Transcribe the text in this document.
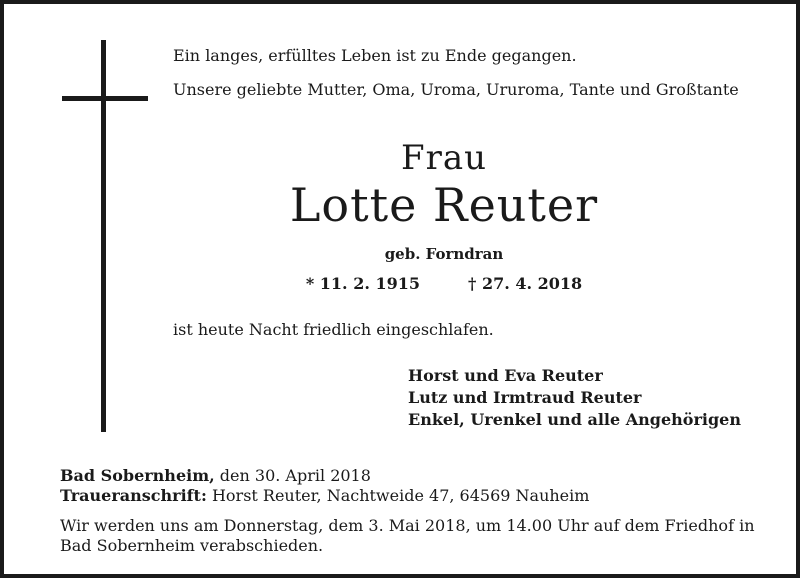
Ein langes, erfülltes Leben ist zu Ende gegangen.
Unsere geliebte Mutter, Oma, Uroma, Ururoma, Tante und Großtante
Frau
Lotte Reuter
geb. Forndran
* 11. 2. 1915	† 27. 4. 2018
ist heute Nacht friedlich eingeschlafen.
Horst und Eva Reuter
Lutz und Irmtraud Reuter
Enkel, Urenkel und alle Angehörigen
Bad Sobernheim, den 30. April 2018
Traueranschrift: Horst Reuter, Nachtweide 47, 64569 Nauheim
Wir werden uns am Donnerstag, dem 3. Mai 2018, um 14.00 Uhr auf dem Friedhof in
Bad Sobernheim verabschieden.
